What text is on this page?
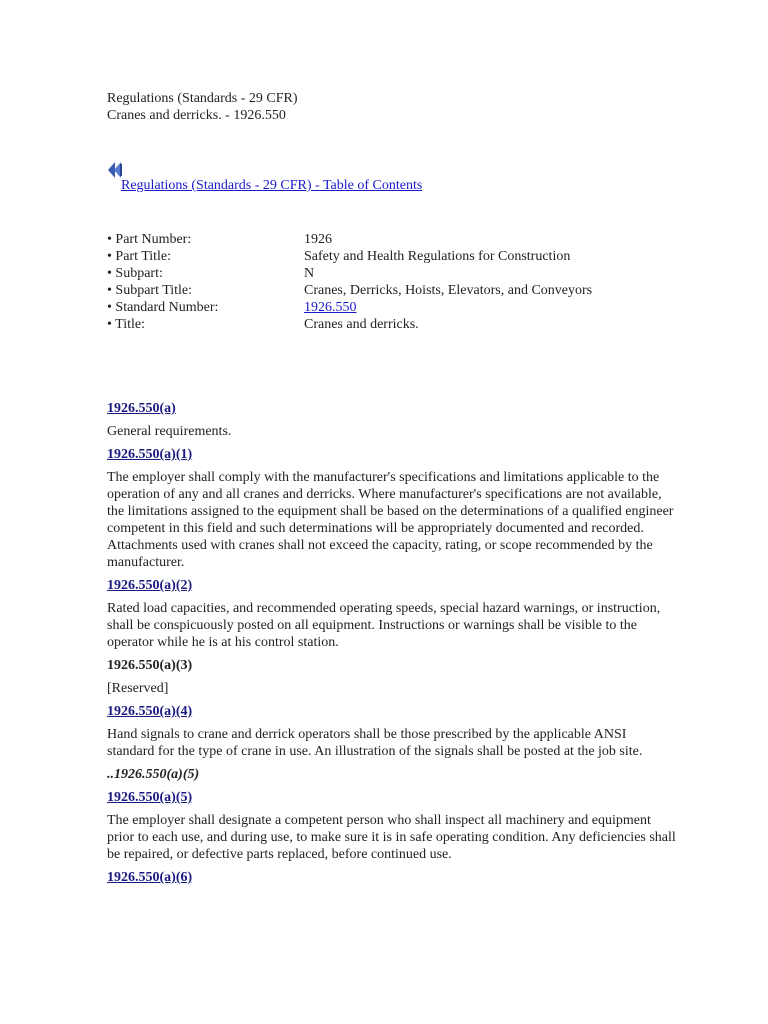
Regulations (Standards - 29 CFR)
Cranes and derricks. - 1926.550
Regulations (Standards - 29 CFR) - Table of Contents
• Part Number:	1926
• Part Title:	Safety and Health Regulations for Construction
• Subpart:	N
• Subpart Title:	Cranes, Derricks, Hoists, Elevators, and Conveyors
• Standard Number:	1926.550
• Title:	Cranes and derricks.
1926.550(a)

General requirements.

1926.550(a)(1)

The employer shall comply with the manufacturer's specifications and limitations applicable to the operation of any and all cranes and derricks. Where manufacturer's specifications are not available, the limitations assigned to the equipment shall be based on the determinations of a qualified engineer competent in this field and such determinations will be appropriately documented and recorded. Attachments used with cranes shall not exceed the capacity, rating, or scope recommended by the manufacturer.

1926.550(a)(2)

Rated load capacities, and recommended operating speeds, special hazard warnings, or instruction, shall be conspicuously posted on all equipment. Instructions or warnings shall be visible to the operator while he is at his control station.

1926.550(a)(3)

[Reserved]

1926.550(a)(4)

Hand signals to crane and derrick operators shall be those prescribed by the applicable ANSI standard for the type of crane in use. An illustration of the signals shall be posted at the job site.

..1926.550(a)(5)
1926.550(a)(5)

The employer shall designate a competent person who shall inspect all machinery and equipment prior to each use, and during use, to make sure it is in safe operating condition. Any deficiencies shall be repaired, or defective parts replaced, before continued use.

1926.550(a)(6)
